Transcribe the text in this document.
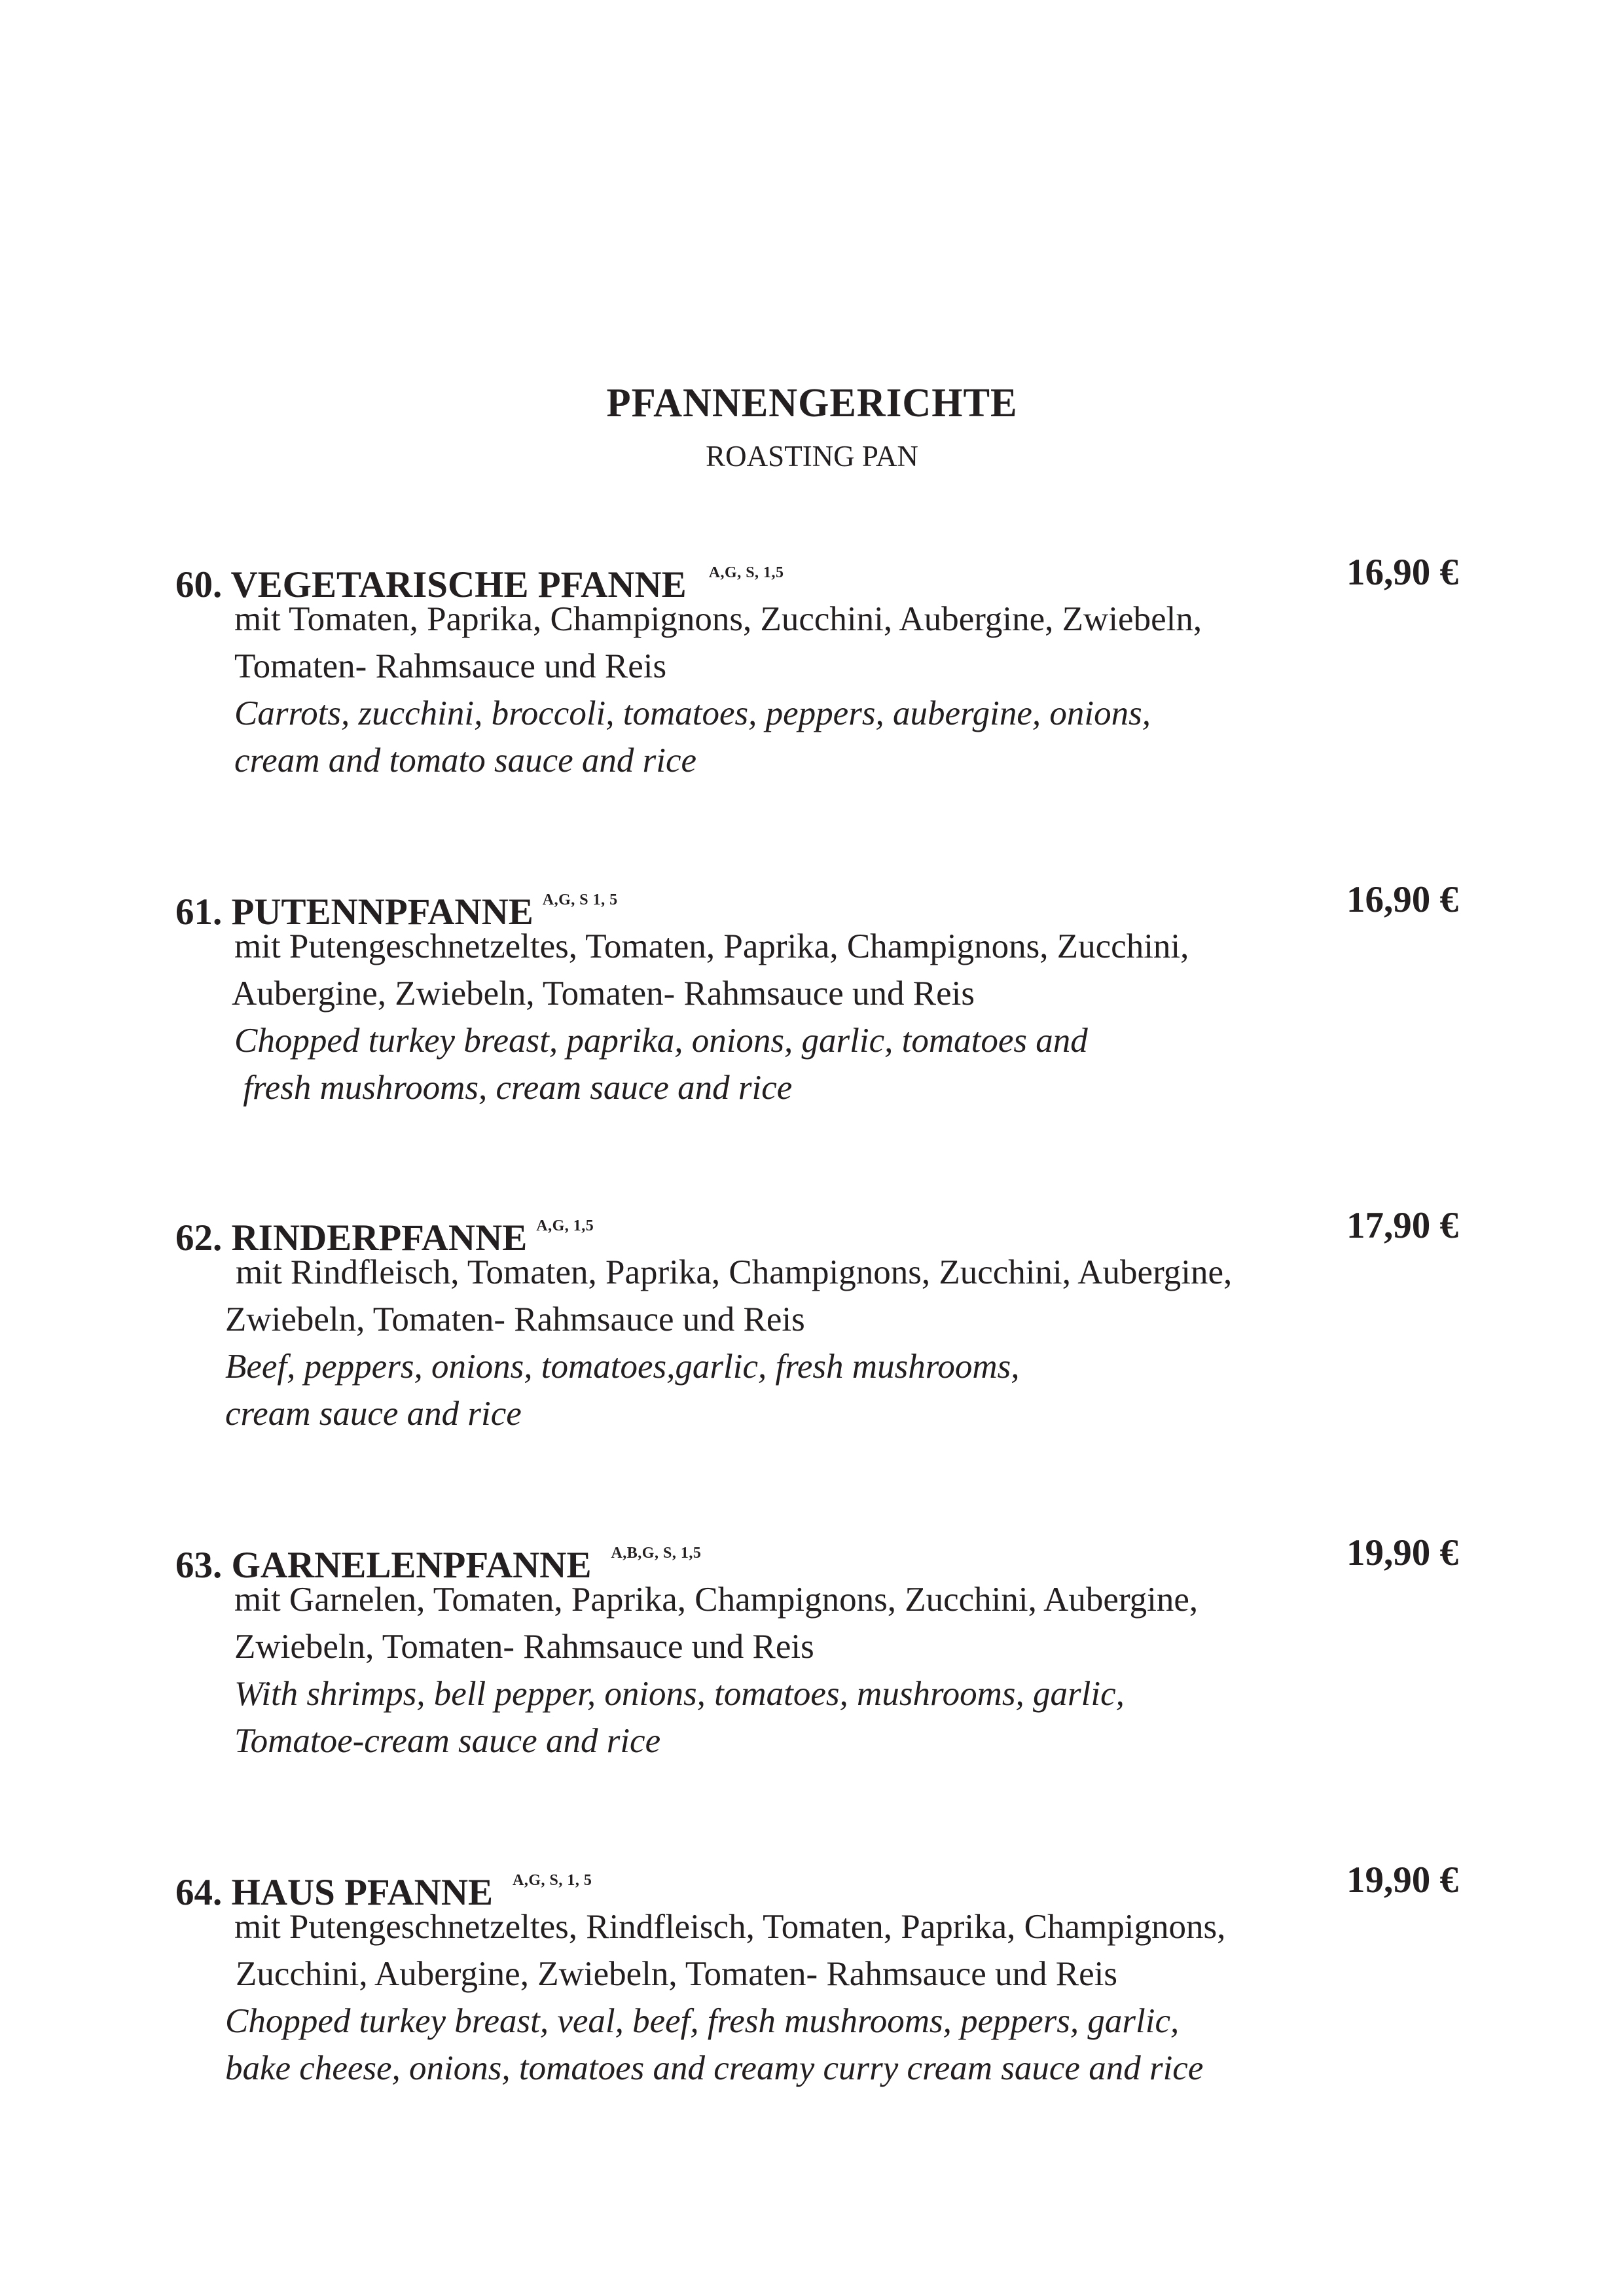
PFANNENGERICHTE
ROASTING PAN
60. VEGETARISCHE PFANNE $^{A,G, S, 1,5}$	16,90 €
mit Tomaten, Paprika, Champignons, Zucchini, Aubergine, Zwiebeln,
Tomaten- Rahmsauce und Reis
Carrots, zucchini, broccoli, tomatoes, peppers, aubergine, onions,
cream and tomato sauce and rice
61. PUTENNPFANNE $^{A,G, S 1, 5}$	16,90 €
mit Putengeschnetzeltes, Tomaten, Paprika, Champignons, Zucchini,
Aubergine, Zwiebeln, Tomaten- Rahmsauce und Reis
Chopped turkey breast, paprika, onions, garlic, tomatoes and
fresh mushrooms, cream sauce and rice
62. RINDERPFANNE $^{A,G, 1,5}$	17,90 €
mit Rindfleisch, Tomaten, Paprika, Champignons, Zucchini, Aubergine,
Zwiebeln, Tomaten- Rahmsauce und Reis
Beef, peppers, onions, tomatoes,garlic, fresh mushrooms,
cream sauce and rice
63. GARNELENPFANNE $^{A,B,G, S, 1,5}$	19,90 €
mit Garnelen, Tomaten, Paprika, Champignons, Zucchini, Aubergine,
Zwiebeln, Tomaten- Rahmsauce und Reis
With shrimps, bell pepper, onions, tomatoes, mushrooms, garlic,
Tomatoe-cream sauce and rice
64. HAUS PFANNE $^{A,G, S, 1, 5}$	19,90 €
mit Putengeschnetzeltes, Rindfleisch, Tomaten, Paprika, Champignons,
Zucchini, Aubergine, Zwiebeln, Tomaten- Rahmsauce und Reis
Chopped turkey breast, veal, beef, fresh mushrooms, peppers, garlic,
bake cheese, onions, tomatoes and creamy curry cream sauce and rice
